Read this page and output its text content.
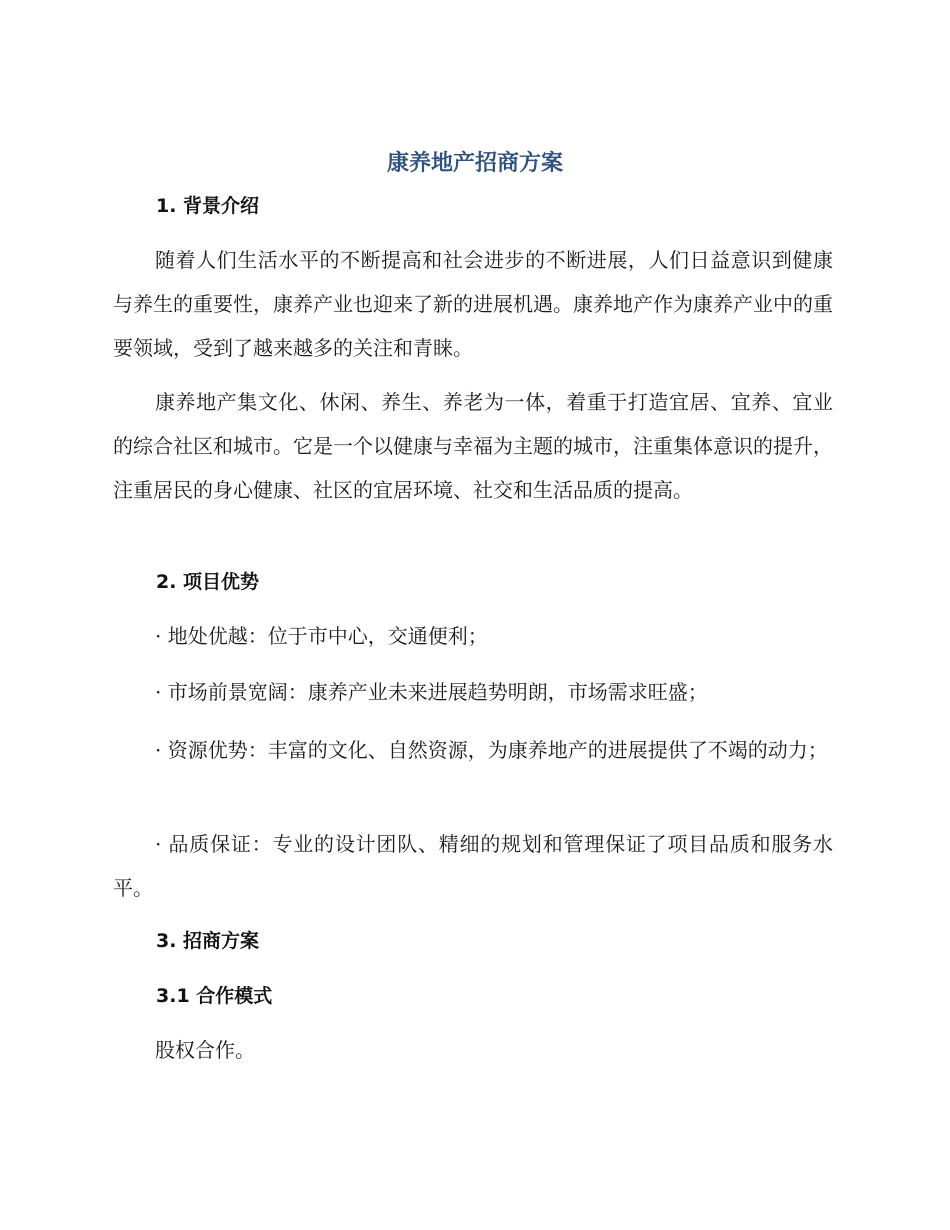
康养地产招商方案
1. 背景介绍

随着人们生活水平的不断提高和社会进步的不断进展，人们日益意识到健康与养生的重要性，康养产业也迎来了新的进展机遇。康养地产作为康养产业中的重要领域，受到了越来越多的关注和青睐。

康养地产集文化、休闲、养生、养老为一体，着重于打造宜居、宜养、宜业的综合社区和城市。它是一个以健康与幸福为主题的城市，注重集体意识的提升，注重居民的身心健康、社区的宜居环境、社交和生活品质的提高。

2. 项目优势

· 地处优越：位于市中心，交通便利；

· 市场前景宽阔：康养产业未来进展趋势明朗，市场需求旺盛；

· 资源优势：丰富的文化、自然资源，为康养地产的进展提供了不竭的动力；

· 品质保证：专业的设计团队、精细的规划和管理保证了项目品质和服务水平。

3. 招商方案
3.1 合作模式

股权合作。
